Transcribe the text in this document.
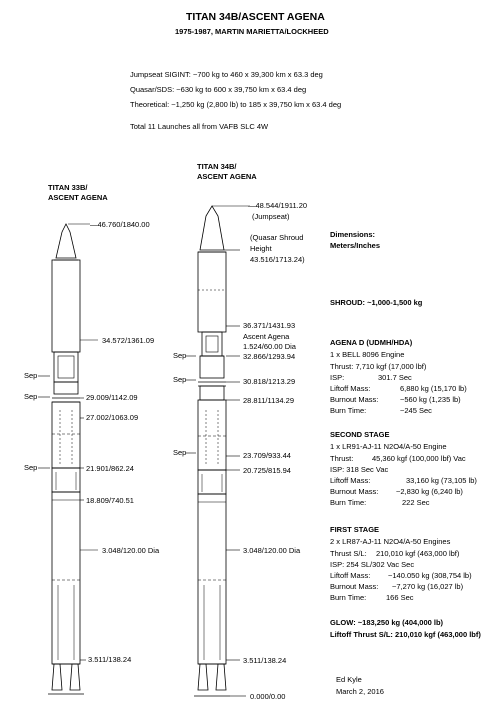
TITAN 34B/ASCENT AGENA
1975-1987, MARTIN MARIETTA/LOCKHEED
Jumpseat SIGINT: ~700 kg to 460 x 39,300 km x 63.3 deg
Quasar/SDS: ~630 kg to 600 x 39,750 km x 63.4 deg
Theoretical: ~1,250 kg (2,800 lb) to 185 x 39,750 km x 63.4 deg
Total 11 Launches all from VAFB SLC 4W
TITAN 33B/
ASCENT AGENA
—46.760/1840.00
34.572/1361.09
29.009/1142.09
27.002/1063.09
21.901/862.24
18.809/740.51
3.048/120.00 Dia
3.511/138.24
Sep
Sep
Sep
TITAN 34B/
ASCENT AGENA
—48.544/1911.20
(Jumpseat)
(Quasar Shroud
Height
43.516/1713.24)
36.371/1431.93
Ascent Agena
1.524/60.00 Dia
32.866/1293.94
30.818/1213.29
28.811/1134.29
23.709/933.44
20.725/815.94
3.048/120.00 Dia
3.511/138.24
0.000/0.00
Sep
Sep
Sep
Dimensions:
Meters/Inches
SHROUD: ~1,000-1,500 kg
AGENA D (UDMH/HDA)
1 x BELL 8096 Engine
Thrust: 7,710 kgf (17,000 lbf)
ISP:	301.7 Sec
Liftoff Mass:	6,880 kg (15,170 lb)
Burnout Mass:	~560 kg (1,235 lb)
Burn Time:	~245 Sec
SECOND STAGE
1 x LR91-AJ-11 N2O4/A-50 Engine
Thrust: 45,360 kgf (100,000 lbf) Vac
ISP: 318 Sec Vac
Liftoff Mass:	33,160 kg (73,105 lb)
Burnout Mass: ~2,830 kg (6,240 lb)
Burn Time:	222 Sec
FIRST STAGE
2 x LR87-AJ-11 N2O4/A-50 Engines
Thrust S/L: 210,010 kgf (463,000 lbf)
ISP: 254 SL/302 Vac Sec
Liftoff Mass: ~140.050 kg (308,754 lb)
Burnout Mass: ~7,270 kg (16,027 lb)
Burn Time:	166 Sec
GLOW: ~183,250 kg (404,000 lb)
Liftoff Thrust S/L: 210,010 kgf (463,000 lbf)
Ed Kyle
March 2, 2016
